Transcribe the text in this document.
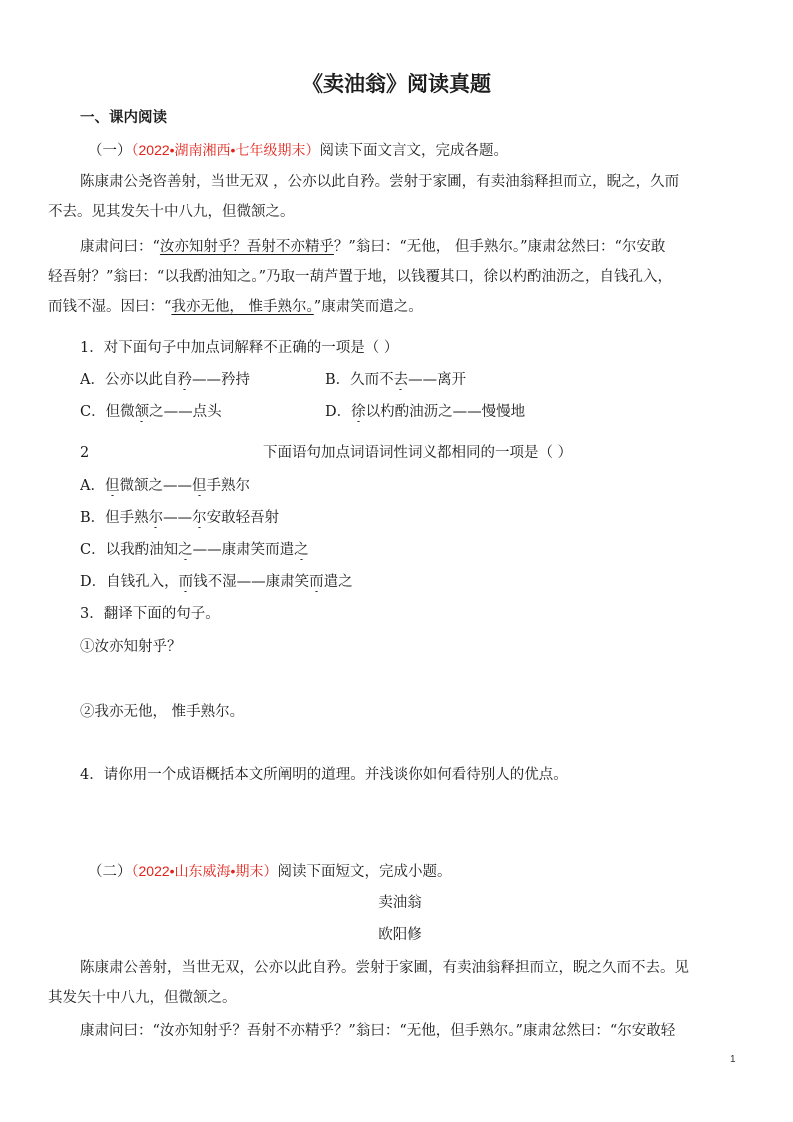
《卖油翁》阅读真题
一、课内阅读
（一）（2022•湖南湘西•七年级期末）阅读下面文言文，完成各题。
陈康肃公尧咨善射，当世无双 ，公亦以此自矜。尝射于家圃，有卖油翁释担而立，睨之，久而
不去。见其发矢十中八九，但微颔之。
康肃问曰：“汝亦知射乎？吾射不亦精乎？”翁曰：“无他， 但手熟尔。”康肃忿然曰：“尔安敢
轻吾射？”翁曰：“以我酌油知之。”乃取一葫芦置于地，以钱覆其口，徐以杓酌油沥之，自钱孔入，
而钱不湿。因曰：“我亦无他， 惟手熟尔。”康肃笑而遣之。
1．对下面句子中加点词解释不正确的一项是（ ）
A．公亦以此自矜——矜持	B．久而不去——离开
C．但微颔之——点头	D．徐以杓酌油沥之——慢慢地
2	下面语句加点词语词性词义都相同的一项是（ ）
A．但微颔之——但手熟尔
B．但手熟尔——尔安敢轻吾射
C．以我酌油知之——康肃笑而遣之
D．自钱孔入，而钱不湿——康肃笑而遣之
3．翻译下面的句子。
①汝亦知射乎？
②我亦无他， 惟手熟尔。
4．请你用一个成语概括本文所阐明的道理。并浅谈你如何看待别人的优点。
（二）（2022•山东威海•期末）阅读下面短文，完成小题。
卖油翁
欧阳修
陈康肃公善射，当世无双，公亦以此自矜。尝射于家圃，有卖油翁释担而立，睨之久而不去。见
其发矢十中八九，但微颔之。
康肃问曰：“汝亦知射乎？吾射不亦精乎？”翁曰：“无他，但手熟尔。”康肃忿然曰：“尔安敢轻
1
